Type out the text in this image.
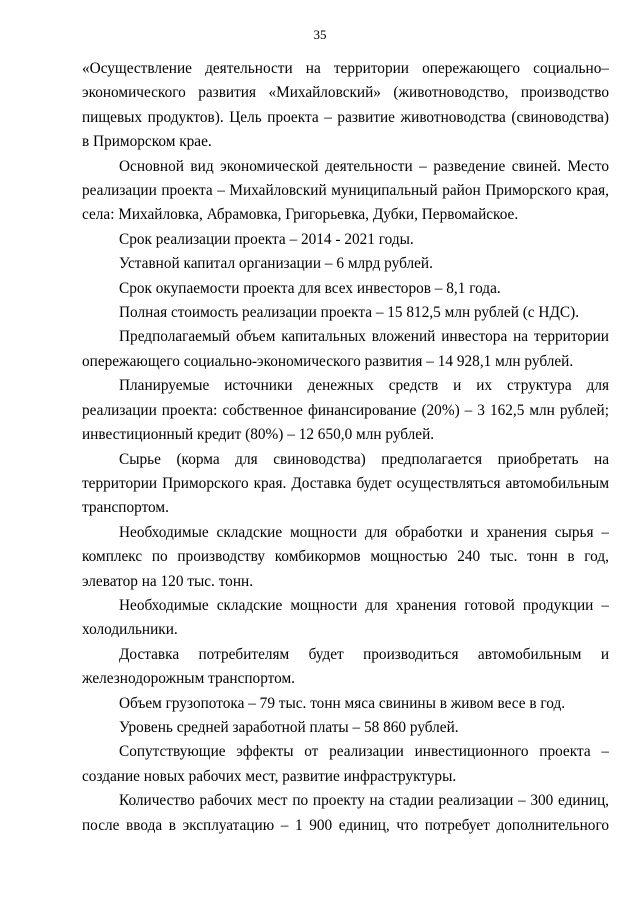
35
«Осуществление деятельности на территории опережающего социально–
экономического развития «Михайловский» (животноводство, производство
пищевых продуктов). Цель проекта – развитие животноводства (свиноводства)
в Приморском крае.
Основной вид экономической деятельности – разведение свиней. Место
реализации проекта – Михайловский муниципальный район Приморского края,
села: Михайловка, Абрамовка, Григорьевка, Дубки, Первомайское.
Срок реализации проекта – 2014 - 2021 годы.
Уставной капитал организации – 6 млрд рублей.
Срок окупаемости проекта для всех инвесторов – 8,1 года.
Полная стоимость реализации проекта – 15 812,5 млн рублей (с НДС).
Предполагаемый объем капитальных вложений инвестора на территории
опережающего социально-экономического развития – 14 928,1 млн рублей.
Планируемые источники денежных средств и их структура для
реализации проекта: собственное финансирование (20%) – 3 162,5 млн рублей;
инвестиционный кредит (80%) – 12 650,0 млн рублей.
Сырье (корма для свиноводства) предполагается приобретать на
территории Приморского края. Доставка будет осуществляться автомобильным
транспортом.
Необходимые складские мощности для обработки и хранения сырья –
комплекс по производству комбикормов мощностью 240 тыс. тонн в год,
элеватор на 120 тыс. тонн.
Необходимые складские мощности для хранения готовой продукции –
холодильники.
Доставка потребителям будет производиться автомобильным и
железнодорожным транспортом.
Объем грузопотока – 79 тыс. тонн мяса свинины в живом весе в год.
Уровень средней заработной платы – 58 860 рублей.
Сопутствующие эффекты от реализации инвестиционного проекта –
создание новых рабочих мест, развитие инфраструктуры.
Количество рабочих мест по проекту на стадии реализации – 300 единиц,
после ввода в эксплуатацию – 1 900 единиц, что потребует дополнительного
